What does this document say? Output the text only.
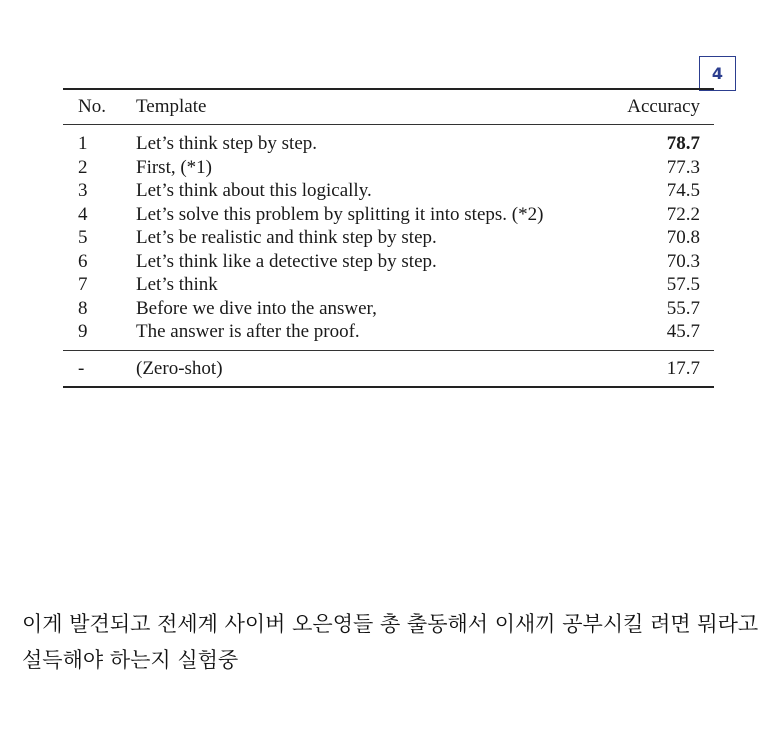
4
No.	Template	Accuracy
1	Let’s think step by step.	78.7
2	First, (*1)	77.3
3	Let’s think about this logically.	74.5
4	Let’s solve this problem by splitting it into steps. (*2)	72.2
5	Let’s be realistic and think step by step.	70.8
6	Let’s think like a detective step by step.	70.3
7	Let’s think	57.5
8	Before we dive into the answer,	55.7
9	The answer is after the proof.	45.7
-	(Zero-shot)	17.7
이게 발견되고 전세계 사이버 오은영들 총 출동해서 이새끼 공부시킬 려면 뭐라고 설득해야 하는지 실험중
